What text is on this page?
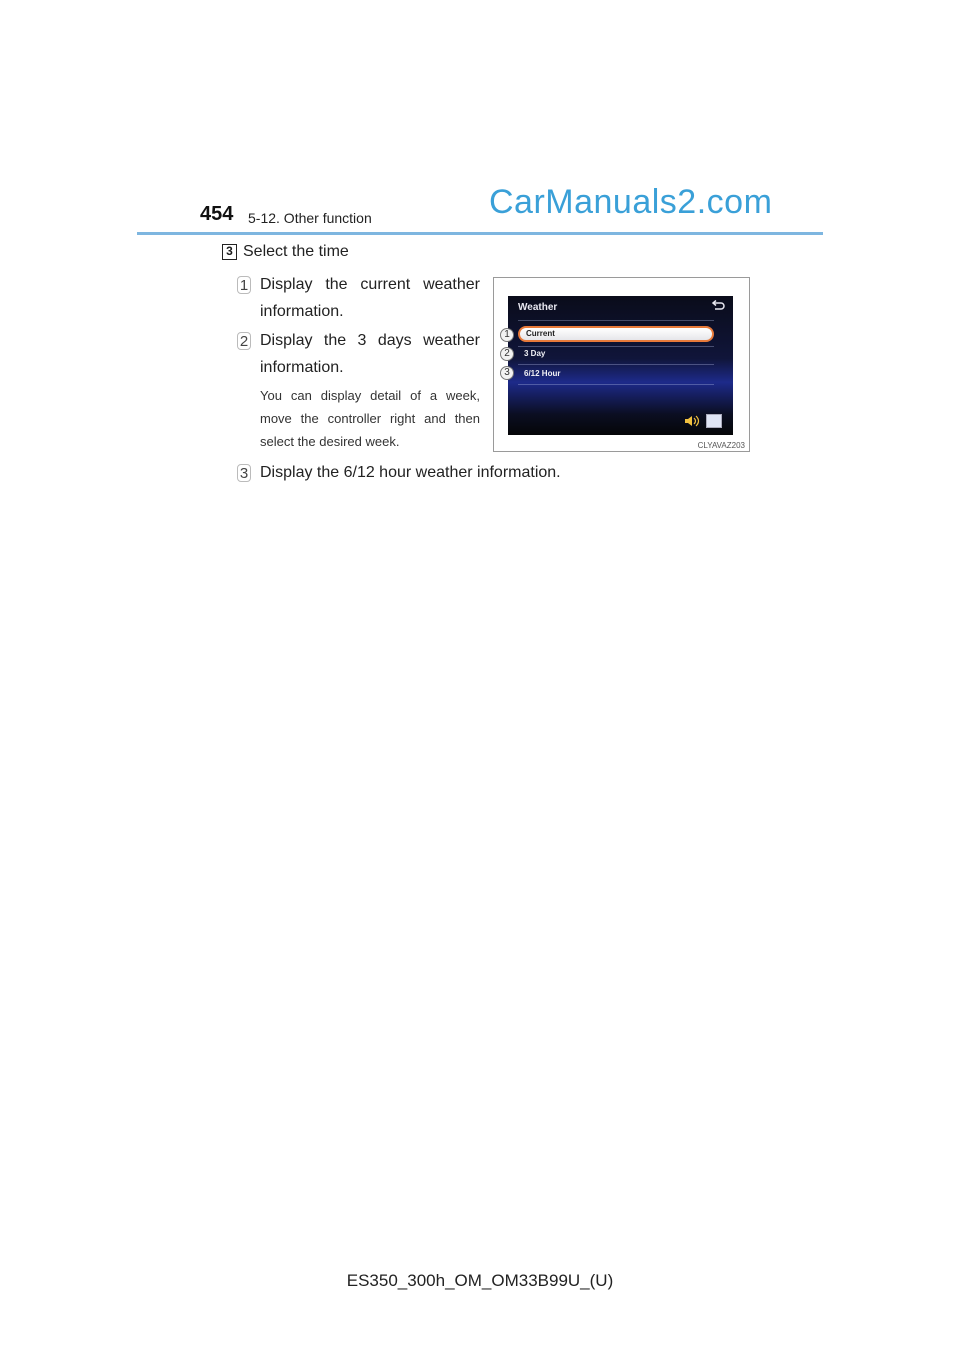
454 5-12. Other function	CarManuals2.com
3 Select the time
1 Display the current weather information.
2 Display the 3 days weather information.
You can display detail of a week, move the controller right and then select the desired week.
3 Display the 6/12 hour weather information.
Weather
Current
3 Day
6/12 Hour
1
2
3
CLYAVAZ203
ES350_300h_OM_OM33B99U_(U)
